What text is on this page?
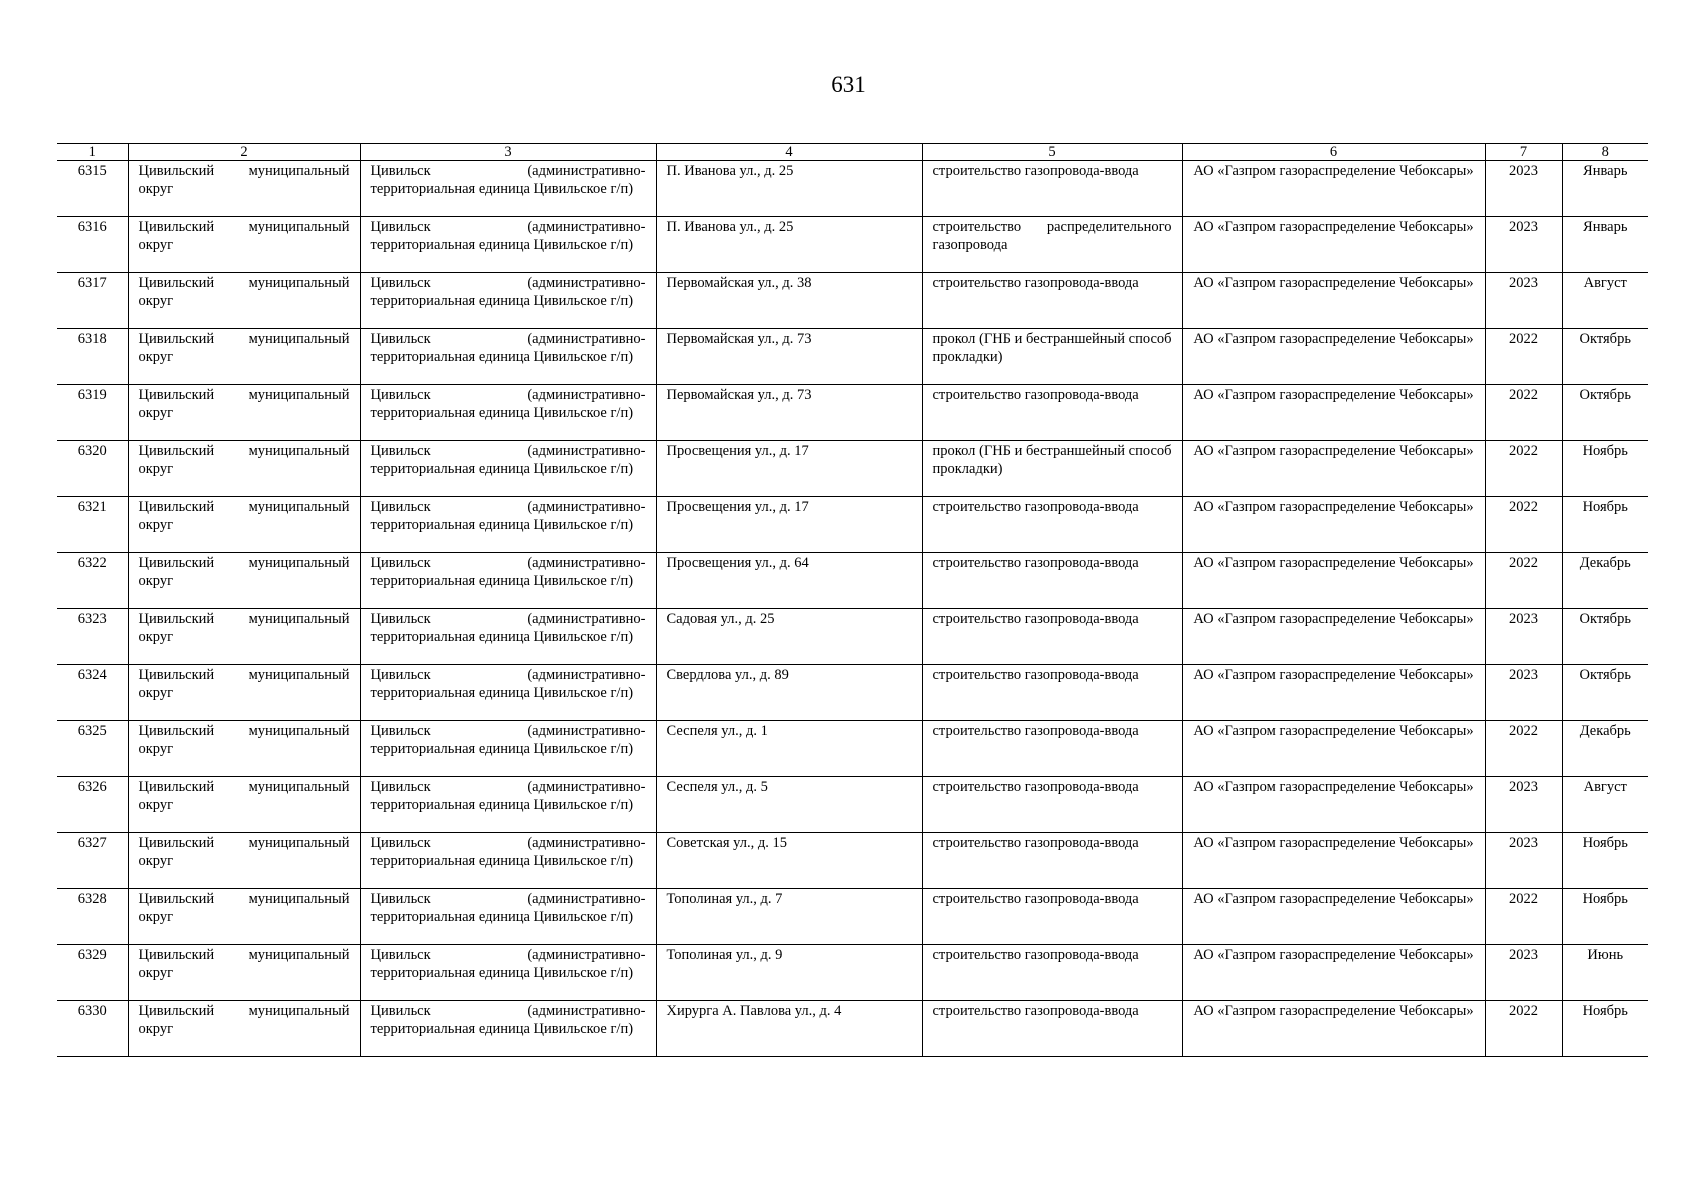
631
1	2	3	4	5	6	7	8
6315	Цивильский муниципальный округ	Цивильск (административно-территориальная единица Цивильское г/п)	П. Иванова ул., д. 25	строительство газопровода-ввода	АО «Газпром газораспределение Чебоксары»	2023	Январь
6316	Цивильский муниципальный округ	Цивильск (административно-территориальная единица Цивильское г/п)	П. Иванова ул., д. 25	строительство распределительного газопровода	АО «Газпром газораспределение Чебоксары»	2023	Январь
6317	Цивильский муниципальный округ	Цивильск (административно-территориальная единица Цивильское г/п)	Первомайская ул., д. 38	строительство газопровода-ввода	АО «Газпром газораспределение Чебоксары»	2023	Август
6318	Цивильский муниципальный округ	Цивильск (административно-территориальная единица Цивильское г/п)	Первомайская ул., д. 73	прокол (ГНБ и бестраншейный способ прокладки)	АО «Газпром газораспределение Чебоксары»	2022	Октябрь
6319	Цивильский муниципальный округ	Цивильск (административно-территориальная единица Цивильское г/п)	Первомайская ул., д. 73	строительство газопровода-ввода	АО «Газпром газораспределение Чебоксары»	2022	Октябрь
6320	Цивильский муниципальный округ	Цивильск (административно-территориальная единица Цивильское г/п)	Просвещения ул., д. 17	прокол (ГНБ и бестраншейный способ прокладки)	АО «Газпром газораспределение Чебоксары»	2022	Ноябрь
6321	Цивильский муниципальный округ	Цивильск (административно-территориальная единица Цивильское г/п)	Просвещения ул., д. 17	строительство газопровода-ввода	АО «Газпром газораспределение Чебоксары»	2022	Ноябрь
6322	Цивильский муниципальный округ	Цивильск (административно-территориальная единица Цивильское г/п)	Просвещения ул., д. 64	строительство газопровода-ввода	АО «Газпром газораспределение Чебоксары»	2022	Декабрь
6323	Цивильский муниципальный округ	Цивильск (административно-территориальная единица Цивильское г/п)	Садовая ул., д. 25	строительство газопровода-ввода	АО «Газпром газораспределение Чебоксары»	2023	Октябрь
6324	Цивильский муниципальный округ	Цивильск (административно-территориальная единица Цивильское г/п)	Свердлова ул., д. 89	строительство газопровода-ввода	АО «Газпром газораспределение Чебоксары»	2023	Октябрь
6325	Цивильский муниципальный округ	Цивильск (административно-территориальная единица Цивильское г/п)	Сеспеля ул., д. 1	строительство газопровода-ввода	АО «Газпром газораспределение Чебоксары»	2022	Декабрь
6326	Цивильский муниципальный округ	Цивильск (административно-территориальная единица Цивильское г/п)	Сеспеля ул., д. 5	строительство газопровода-ввода	АО «Газпром газораспределение Чебоксары»	2023	Август
6327	Цивильский муниципальный округ	Цивильск (административно-территориальная единица Цивильское г/п)	Советская ул., д. 15	строительство газопровода-ввода	АО «Газпром газораспределение Чебоксары»	2023	Ноябрь
6328	Цивильский муниципальный округ	Цивильск (административно-территориальная единица Цивильское г/п)	Тополиная ул., д. 7	строительство газопровода-ввода	АО «Газпром газораспределение Чебоксары»	2022	Ноябрь
6329	Цивильский муниципальный округ	Цивильск (административно-территориальная единица Цивильское г/п)	Тополиная ул., д. 9	строительство газопровода-ввода	АО «Газпром газораспределение Чебоксары»	2023	Июнь
6330	Цивильский муниципальный округ	Цивильск (административно-территориальная единица Цивильское г/п)	Хирурга А. Павлова ул., д. 4	строительство газопровода-ввода	АО «Газпром газораспределение Чебоксары»	2022	Ноябрь
